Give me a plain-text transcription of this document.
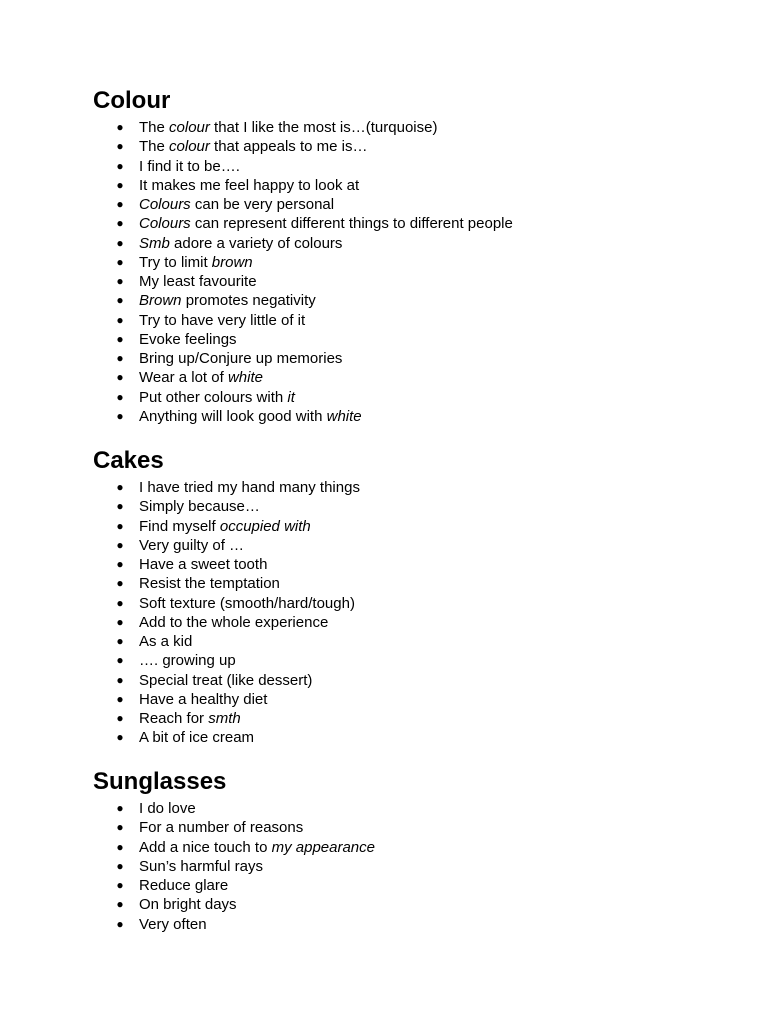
Colour
● The colour that I like the most is…(turquoise)
● The colour that appeals to me is…
● I find it to be….
● It makes me feel happy to look at
● Colours can be very personal
● Colours can represent different things to different people
● Smb adore a variety of colours
● Try to limit brown
● My least favourite
● Brown promotes negativity
● Try to have very little of it
● Evoke feelings
● Bring up/Conjure up memories
● Wear a lot of white
● Put other colours with it
● Anything will look good with white
Cakes
● I have tried my hand many things
● Simply because…
● Find myself occupied with
● Very guilty of …
● Have a sweet tooth
● Resist the temptation
● Soft texture (smooth/hard/tough)
● Add to the whole experience
● As a kid
● …. growing up
● Special treat (like dessert)
● Have a healthy diet
● Reach for smth
● A bit of ice cream
Sunglasses
● I do love
● For a number of reasons
● Add a nice touch to my appearance
● Sun’s harmful rays
● Reduce glare
● On bright days
● Very often
